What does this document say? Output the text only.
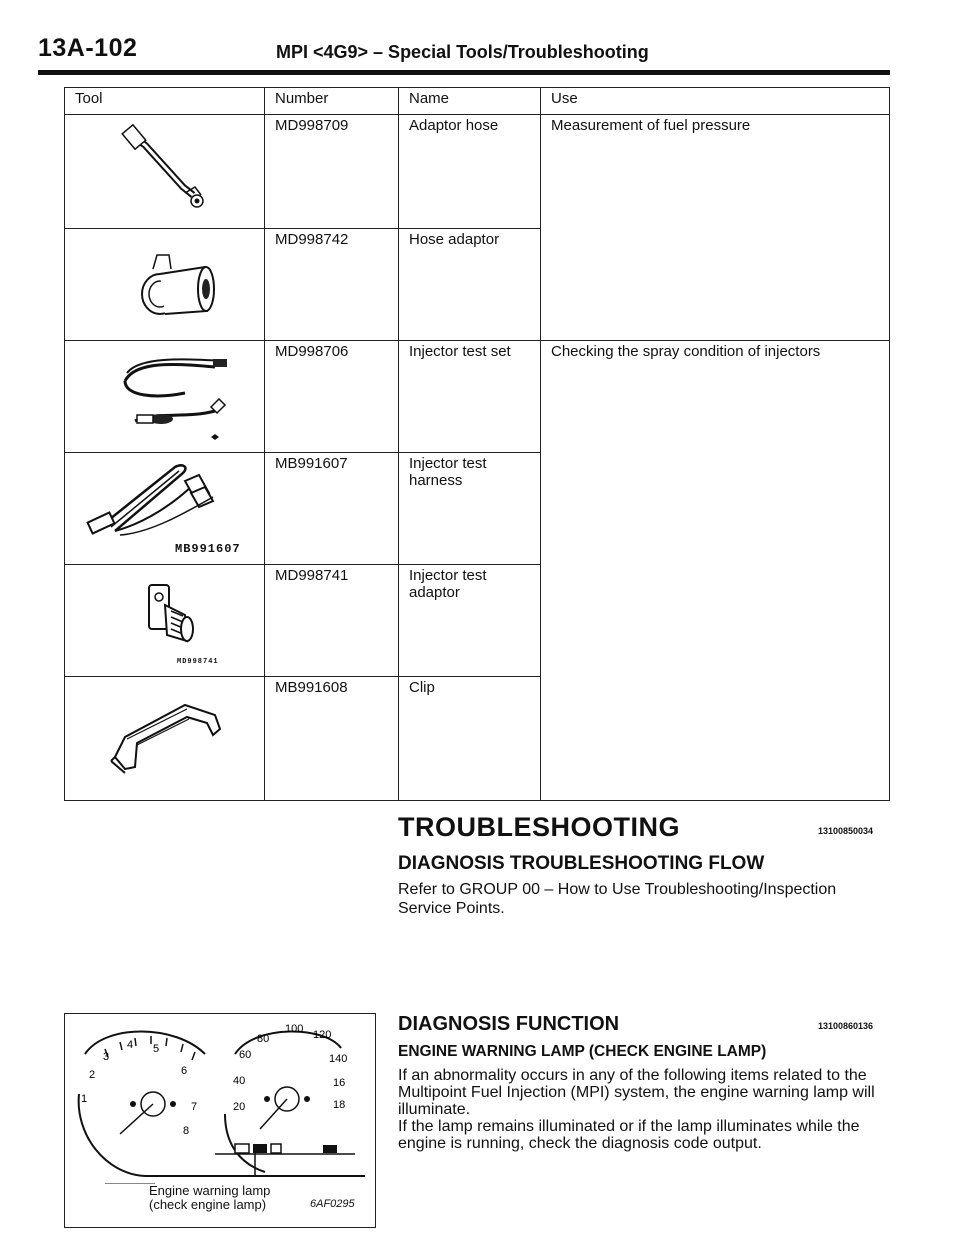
13A-102	MPI <4G9> – Special Tools/Troubleshooting
Tool	Number	Name	Use

	MD998709	Adaptor hose	Measurement of fuel pressure

	MD998742	Hose adaptor	

	MD998706	Injector test set	Checking the spray condition of injectors

MB991607	MB991607	Injector test harness	

MD998741	MD998741	Injector test adaptor	

	MB991608	Clip	
TROUBLESHOOTING	13100850034
DIAGNOSIS TROUBLESHOOTING FLOW

Refer to GROUP 00 – How to Use Troubleshooting/Inspection Service Points.

1
2
3
4 5
6
7
8
20
40
60
80
100 120
140
16
18
Engine warning lamp
(check engine lamp)	6AF0295
DIAGNOSIS FUNCTION	13100860136
ENGINE WARNING LAMP (CHECK ENGINE LAMP)
If an abnormality occurs in any of the following items related to the Multipoint Fuel Injection (MPI) system, the engine warning lamp will illuminate.
If the lamp remains illuminated or if the lamp illuminates while the engine is running, check the diagnosis code output.
